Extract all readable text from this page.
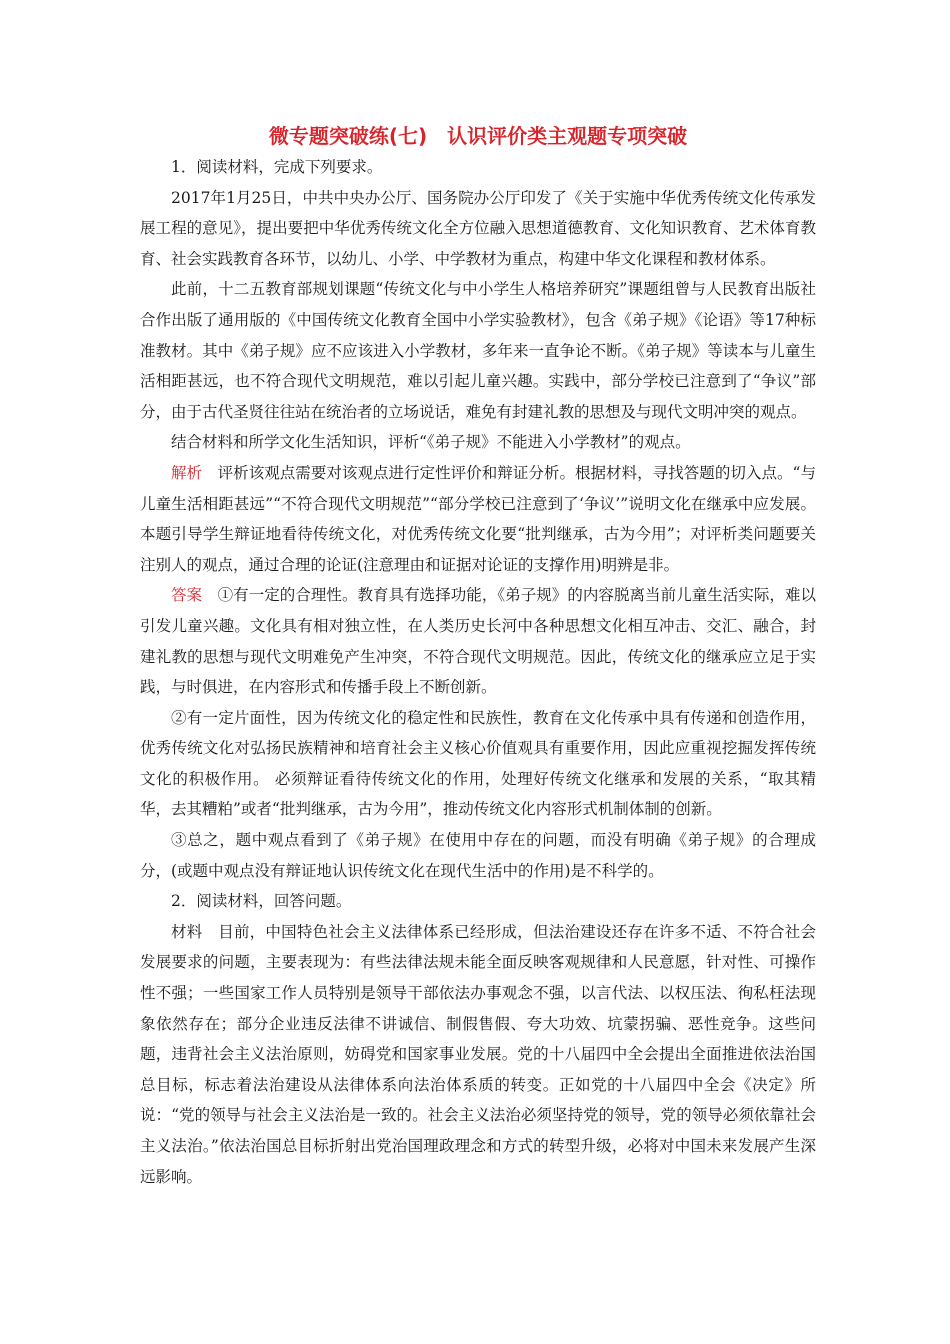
微专题突破练(七)　认识评价类主观题专项突破

1．阅读材料，完成下列要求。

2017年1月25日，中共中央办公厅、国务院办公厅印发了《关于实施中华优秀传统文化传承发展工程的意见》，提出要把中华优秀传统文化全方位融入思想道德教育、文化知识教育、艺术体育教育、社会实践教育各环节，以幼儿、小学、中学教材为重点，构建中华文化课程和教材体系。

此前，十二五教育部规划课题“传统文化与中小学生人格培养研究”课题组曾与人民教育出版社合作出版了通用版的《中国传统文化教育全国中小学实验教材》，包含《弟子规》《论语》等17种标准教材。其中《弟子规》应不应该进入小学教材，多年来一直争论不断。《弟子规》等读本与儿童生活相距甚远，也不符合现代文明规范，难以引起儿童兴趣。实践中，部分学校已注意到了“争议”部分，由于古代圣贤往往站在统治者的立场说话，难免有封建礼教的思想及与现代文明冲突的观点。

结合材料和所学文化生活知识，评析“《弟子规》不能进入小学教材”的观点。

解析　评析该观点需要对该观点进行定性评价和辩证分析。根据材料，寻找答题的切入点。“与儿童生活相距甚远”“不符合现代文明规范”“部分学校已注意到了‘争议’”说明文化在继承中应发展。本题引导学生辩证地看待传统文化，对优秀传统文化要“批判继承，古为今用”；对评析类问题要关注别人的观点，通过合理的论证(注意理由和证据对论证的支撑作用)明辨是非。

答案　①有一定的合理性。教育具有选择功能，《弟子规》的内容脱离当前儿童生活实际，难以引发儿童兴趣。文化具有相对独立性，在人类历史长河中各种思想文化相互冲击、交汇、融合，封建礼教的思想与现代文明难免产生冲突，不符合现代文明规范。因此，传统文化的继承应立足于实践，与时俱进，在内容形式和传播手段上不断创新。

②有一定片面性，因为传统文化的稳定性和民族性，教育在文化传承中具有传递和创造作用，优秀传统文化对弘扬民族精神和培育社会主义核心价值观具有重要作用，因此应重视挖掘发挥传统文化的积极作用。 必须辩证看待传统文化的作用，处理好传统文化继承和发展的关系，“取其精华，去其糟粕”或者“批判继承，古为今用”，推动传统文化内容形式机制体制的创新。

③总之，题中观点看到了《弟子规》在使用中存在的问题，而没有明确《弟子规》的合理成分，(或题中观点没有辩证地认识传统文化在现代生活中的作用)是不科学的。

2．阅读材料，回答问题。

材料　目前，中国特色社会主义法律体系已经形成，但法治建设还存在许多不适、不符合社会发展要求的问题，主要表现为：有些法律法规未能全面反映客观规律和人民意愿，针对性、可操作性不强；一些国家工作人员特别是领导干部依法办事观念不强，以言代法、以权压法、徇私枉法现象依然存在；部分企业违反法律不讲诚信、制假售假、夸大功效、坑蒙拐骗、恶性竞争。这些问题，违背社会主义法治原则，妨碍党和国家事业发展。党的十八届四中全会提出全面推进依法治国总目标，标志着法治建设从法律体系向法治体系质的转变。正如党的十八届四中全会《决定》所说：“党的领导与社会主义法治是一致的。社会主义法治必须坚持党的领导，党的领导必须依靠社会主义法治。”依法治国总目标折射出党治国理政理念和方式的转型升级，必将对中国未来发展产生深远影响。
